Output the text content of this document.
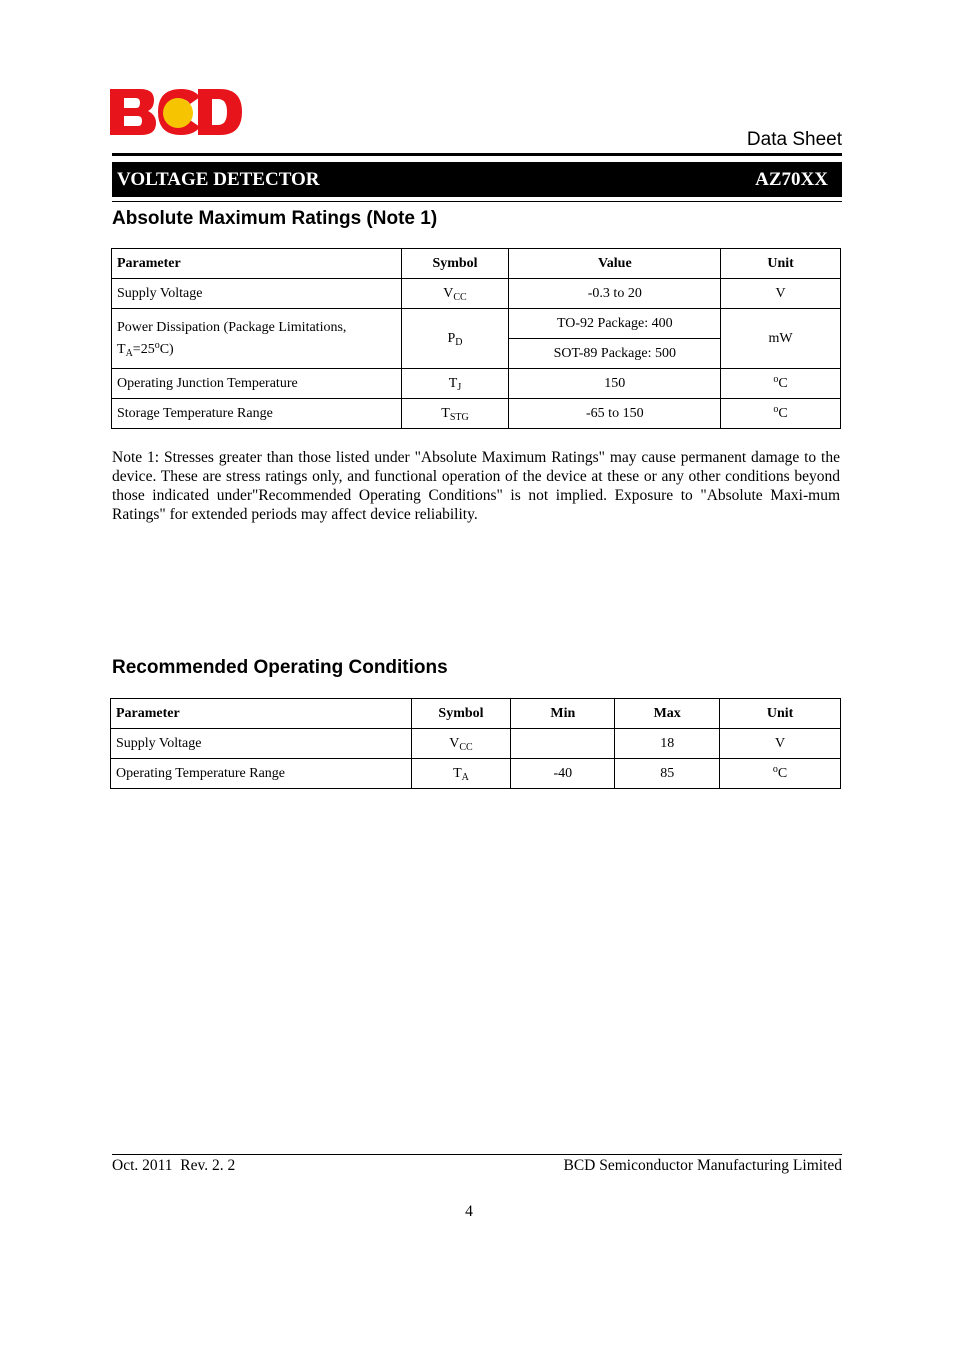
Data Sheet
VOLTAGE DETECTOR	AZ70XX
Absolute Maximum Ratings (Note 1)
Parameter	Symbol	Value	Unit
Supply Voltage	$V_{CC}$	-0.3 to 20	V
Power Dissipation (Package Limitations,
$T_A=25^oC$)	$P_D$	TO-92 Package: 400	mW
		SOT-89 Package: 500	
Operating Junction Temperature	$T_J$	150	$^o$C
Storage Temperature Range	$T_{STG}$	-65 to 150	$^o$C
Note 1: Stresses greater than those listed under "Absolute Maximum Ratings" may cause permanent damage to the device. These are stress ratings only, and functional operation of the device at these or any other conditions beyond those indicated under"Recommended Operating Conditions" is not implied. Exposure to "Absolute Maxi-mum Ratings" for extended periods may affect device reliability.
Recommended Operating Conditions
Parameter	Symbol	Min	Max	Unit
Supply Voltage	$V_{CC}$		18	V
Operating Temperature Range	$T_A$	-40	85	$^o$C
Oct. 2011  Rev. 2. 2	BCD Semiconductor Manufacturing Limited
4
